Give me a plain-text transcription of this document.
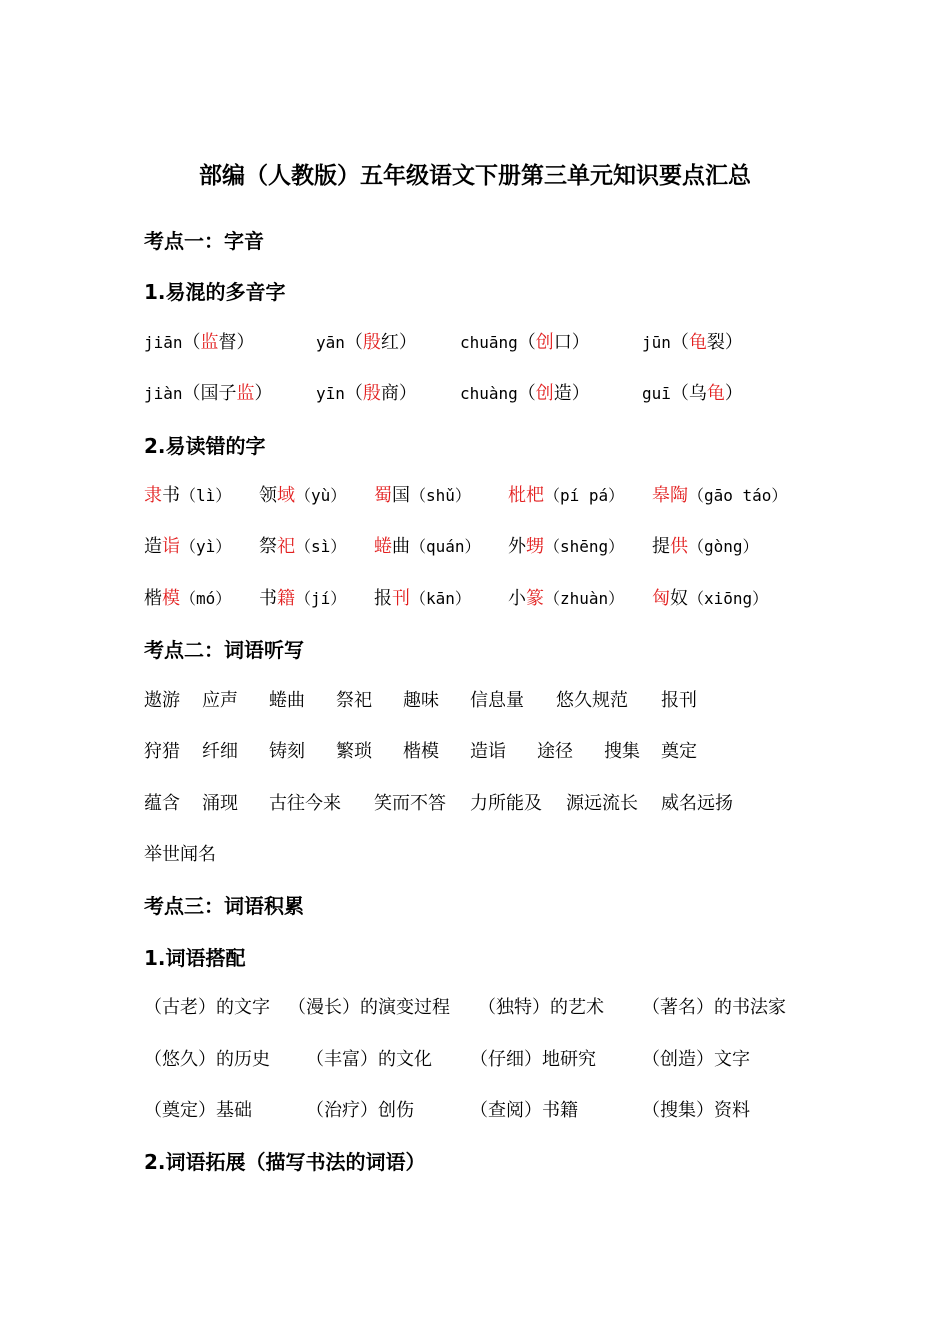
部编（人教版）五年级语文下册第三单元知识要点汇总
考点一：字音
1.易混的多音字
jiān（监督）	yān（殷红）	chuāng（创口）	jūn（龟裂）
jiàn（国子监）	yīn（殷商）	chuàng（创造）	guī（乌龟）
2.易读错的字
隶书（lì） 领域（yù） 蜀国（shǔ） 枇杷（pí pá） 皋陶（gāo táo）
造诣（yì） 祭祀（sì） 蜷曲（quán） 外甥（shēng） 提供（gòng）
楷模（mó） 书籍（jí） 报刊（kān） 小篆（zhuàn） 匈奴（xiōng）
考点二：词语听写
遨游 应声 蜷曲 祭祀 趣味 信息量 悠久规范 报刊
狩猎 纤细 铸刻 繁琐 楷模 造诣 途径 搜集 奠定
蕴含 涌现 古往今来 笑而不答 力所能及 源远流长 威名远扬
举世闻名
考点三：词语积累
1.词语搭配
（古老）的文字 （漫长）的演变过程 （独特）的艺术 （著名）的书法家
（悠久）的历史 （丰富）的文化 （仔细）地研究	（创造）文字
（奠定）基础	（治疗）创伤	（查阅）书籍	（搜集）资料
2.词语拓展（描写书法的词语）
